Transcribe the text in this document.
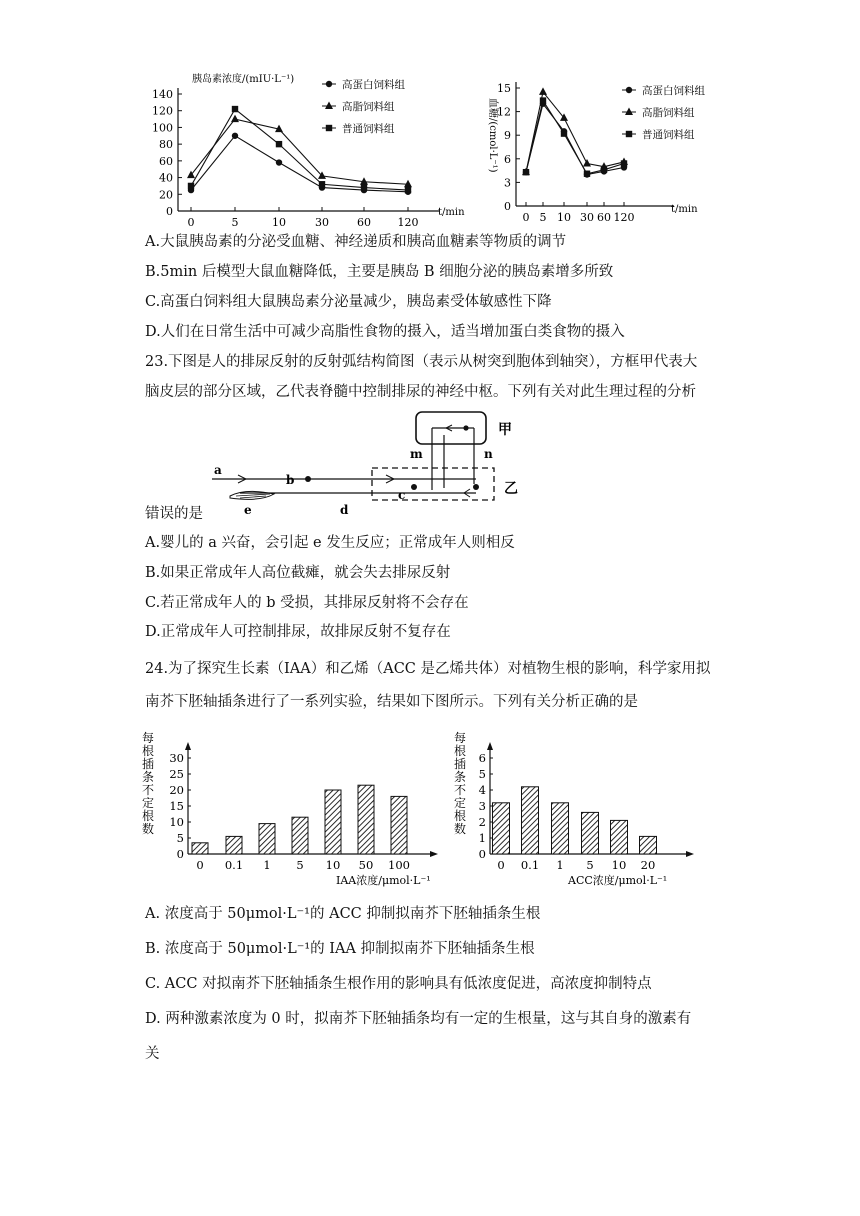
胰岛素浓度/(mIU·L⁻¹)
t/min
0
20
40
60
80
100
120
140
0	5	10	30	60 120
高蛋白饲料组
高脂饲料组
普通饲料组
t/min
血糖/(cmol·L⁻¹)
0
3
6
9
12
15
0 5 10 30 60 120
高蛋白饲料组
高脂饲料组
普通饲料组
A.大鼠胰岛素的分泌受血糖、神经递质和胰高血糖素等物质的调节
B.5min 后模型大鼠血糖降低，主要是胰岛 B 细胞分泌的胰岛素增多所致
C.高蛋白饲料组大鼠胰岛素分泌量减少，胰岛素受体敏感性下降
D.人们在日常生活中可减少高脂性食物的摄入，适当增加蛋白类食物的摄入
23.下图是人的排尿反射的反射弧结构简图（表示从树突到胞体到轴突），方框甲代表大
脑皮层的部分区域，乙代表脊髓中控制排尿的神经中枢。下列有关对此生理过程的分析
甲
m	n
乙
a
b
c
e	d
错误的是
A.婴儿的 a 兴奋，会引起 e 发生反应；正常成年人则相反
B.如果正常成年人高位截瘫，就会失去排尿反射
C.若正常成年人的 b 受损，其排尿反射将不会存在
D.正常成年人可控制排尿，故排尿反射不复存在
24.为了探究生长素（IAA）和乙烯（ACC 是乙烯共体）对植物生根的影响，科学家用拟
南芥下胚轴插条进行了一系列实验，结果如下图所示。下列有关分析正确的是
每
根
插
条
不
定
根
数
0
5
10
15
20
25
30
0 0.1 1 5 10 50 100
IAA浓度/μmol·L⁻¹
每
根
插
条
不
定
根
数
0
1
2
3
4
5
6
0 0.1 1 5 10 20
ACC浓度/μmol·L⁻¹
A. 浓度高于 50μmol·L⁻¹的 ACC 抑制拟南芥下胚轴插条生根
B. 浓度高于 50μmol·L⁻¹的 IAA 抑制拟南芥下胚轴插条生根
C. ACC 对拟南芥下胚轴插条生根作用的影响具有低浓度促进，高浓度抑制特点
D. 两种激素浓度为 0 时，拟南芥下胚轴插条均有一定的生根量，这与其自身的激素有
关
